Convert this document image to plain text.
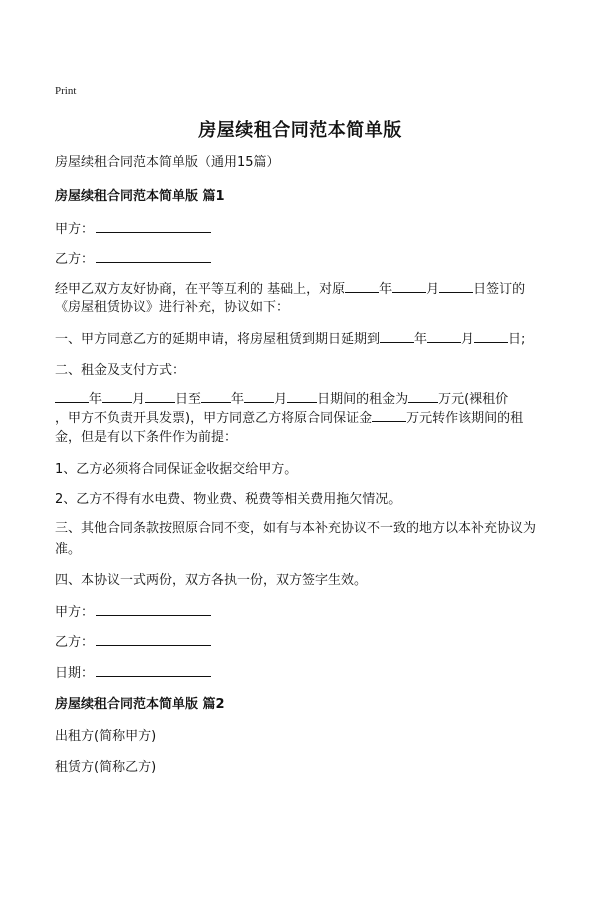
Print
房屋续租合同范本简单版
房屋续租合同范本简单版（通用15篇）
房屋续租合同范本简单版 篇1
甲方：
乙方：
经甲乙双方友好协商，在平等互利的 基础上，对原	年	月	日签订的
《房屋租赁协议》进行补充，协议如下：
一、甲方同意乙方的延期申请，将房屋租赁到期日延期到	年	月	日;
二、租金及支付方式：
年 月 日至 年 月 日期间的租金为 万元(裸租价
，甲方不负责开具发票)，甲方同意乙方将原合同保证金	万元转作该期间的租
金，但是有以下条件作为前提：
1、乙方必须将合同保证金收据交给甲方。
2、乙方不得有水电费、物业费、税费等相关费用拖欠情况。
三、其他合同条款按照原合同不变，如有与本补充协议不一致的地方以本补充协议为准。
四、本协议一式两份，双方各执一份，双方签字生效。
甲方：
乙方：
日期：
房屋续租合同范本简单版 篇2
出租方(简称甲方)
租赁方(简称乙方)
